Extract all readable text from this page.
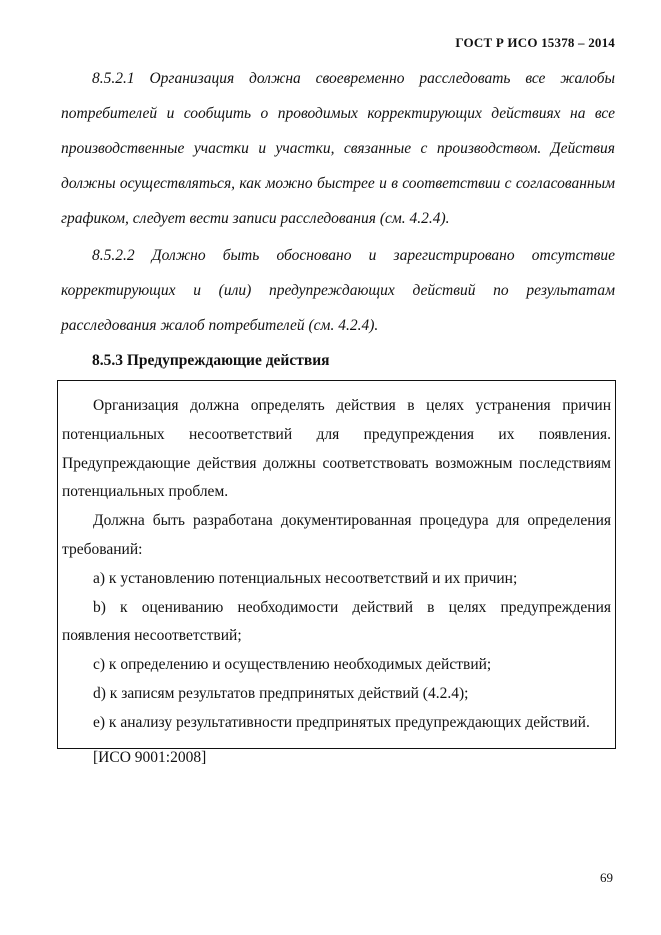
ГОСТ Р ИСО 15378 – 2014

8.5.2.1 Организация должна своевременно расследовать все жалобы потребителей и сообщить о проводимых корректирующих действиях на все производственные участки и участки, связанные с производством. Действия должны осуществляться, как можно быстрее и в соответствии с согласованным графиком, следует вести записи расследования (см. 4.2.4).

8.5.2.2 Должно быть обосновано и зарегистрировано отсутствие корректирующих и (или) предупреждающих действий по результатам расследования жалоб потребителей (см. 4.2.4).

8.5.3 Предупреждающие действия

Организация должна определять действия в целях устранения причин потенциальных несоответствий для предупреждения их появления. Предупреждающие действия должны соответствовать возможным последствиям потенциальных проблем.

Должна быть разработана документированная процедура для определения требований:

a) к установлению потенциальных несоответствий и их причин;

b) к оцениванию необходимости действий в целях предупреждения появления несоответствий;

c) к определению и осуществлению необходимых действий;

d) к записям результатов предпринятых действий (4.2.4);

e) к анализу результативности предпринятых предупреждающих действий.

[ИСО 9001:2008]

69
